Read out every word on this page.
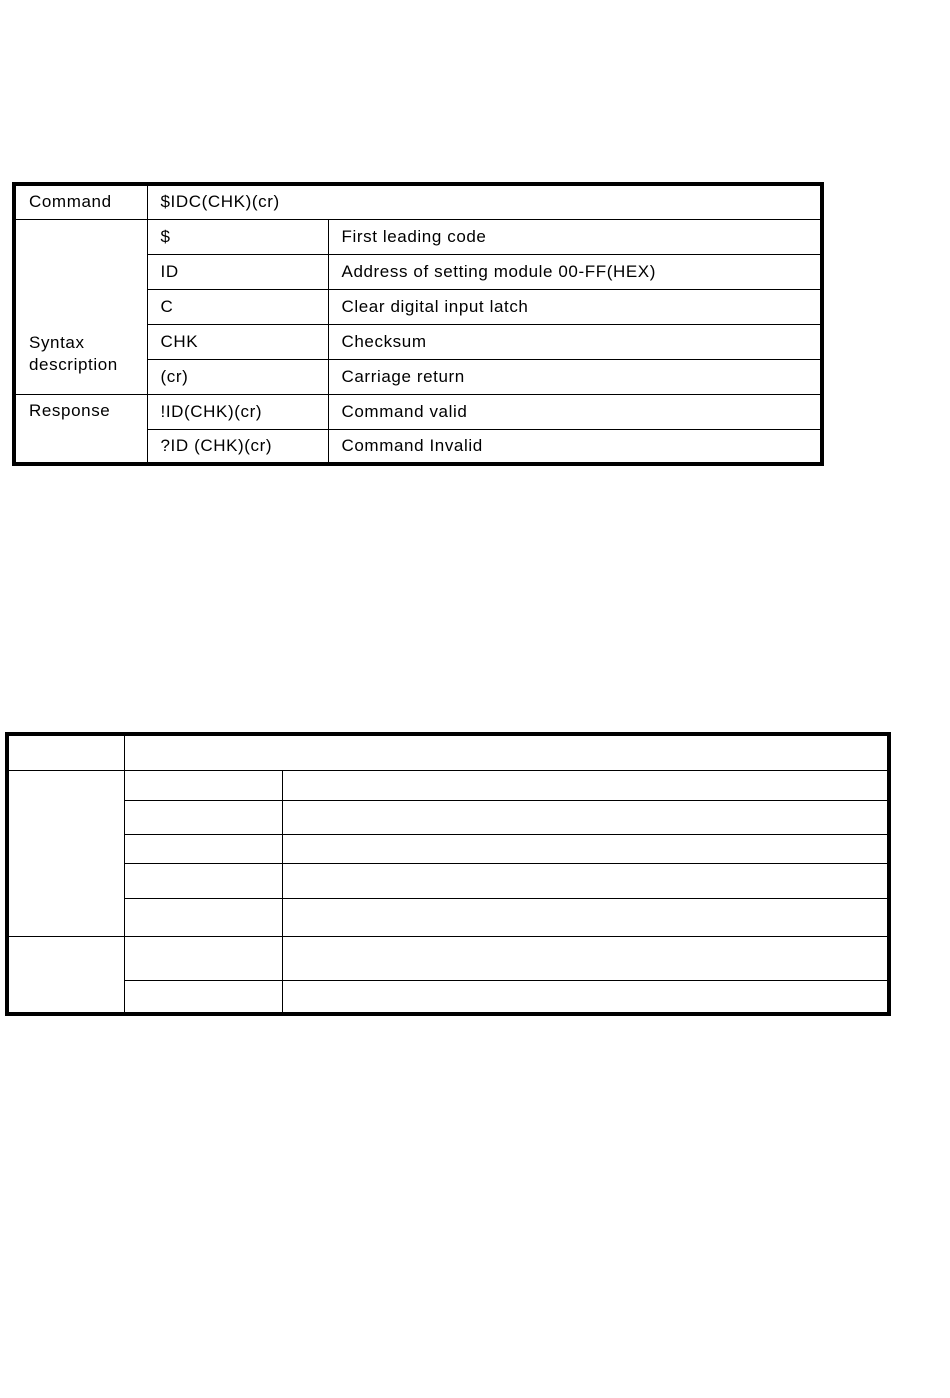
Command	$IDC(CHK)(cr)	
Syntax description	$	First leading code
	ID	Address of setting module 00-FF(HEX)
	C	Clear digital input latch
	CHK	Checksum
	(cr)	Carriage return
Response	!ID(CHK)(cr)	Command valid
	?ID (CHK)(cr)	Command Invalid
